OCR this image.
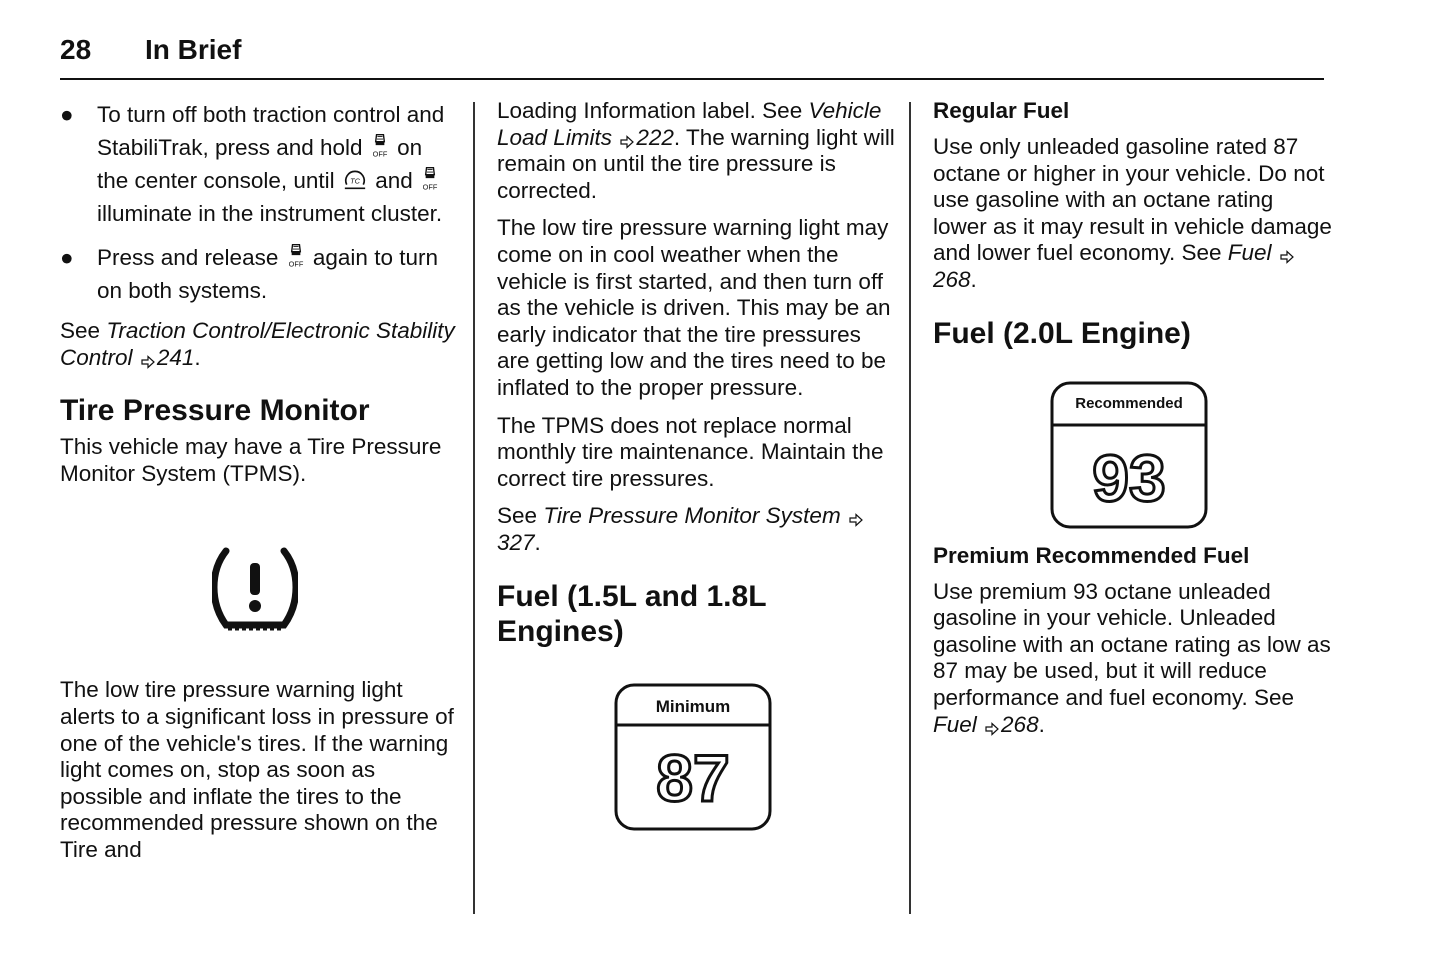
28 In Brief
● To turn off both traction control and StabiliTrak, press and hold on the center console, until and  illuminate in the instrument cluster.
● Press and release again to turn on both systems.

See Traction Control/Electronic Stability Control 241.

Tire Pressure Monitor

This vehicle may have a Tire Pressure Monitor System (TPMS).

The low tire pressure warning light alerts to a significant loss in pressure of one of the vehicle's tires. If the warning light comes on, stop as soon as possible and inflate the tires to the recommended pressure shown on the Tire and

Loading Information label. See Vehicle Load Limits 222. The warning light will remain on until the tire pressure is corrected.

The low tire pressure warning light may come on in cool weather when the vehicle is first started, and then turn off as the vehicle is driven. This may be an early indicator that the tire pressures are getting low and the tires need to be inflated to the proper pressure.

The TPMS does not replace normal monthly tire maintenance. Maintain the correct tire pressures.

See Tire Pressure Monitor System 327.

Fuel (1.5L and 1.8L Engines)
Minimum
87
Regular Fuel

Use only unleaded gasoline rated 87 octane or higher in your vehicle. Do not use gasoline with an octane rating lower as it may result in vehicle damage and lower fuel economy. See Fuel 268.

Fuel (2.0L Engine)
Recommended
93
Premium Recommended Fuel

Use premium 93 octane unleaded gasoline in your vehicle. Unleaded gasoline with an octane rating as low as 87 may be used, but it will reduce performance and fuel economy. See Fuel 268.
